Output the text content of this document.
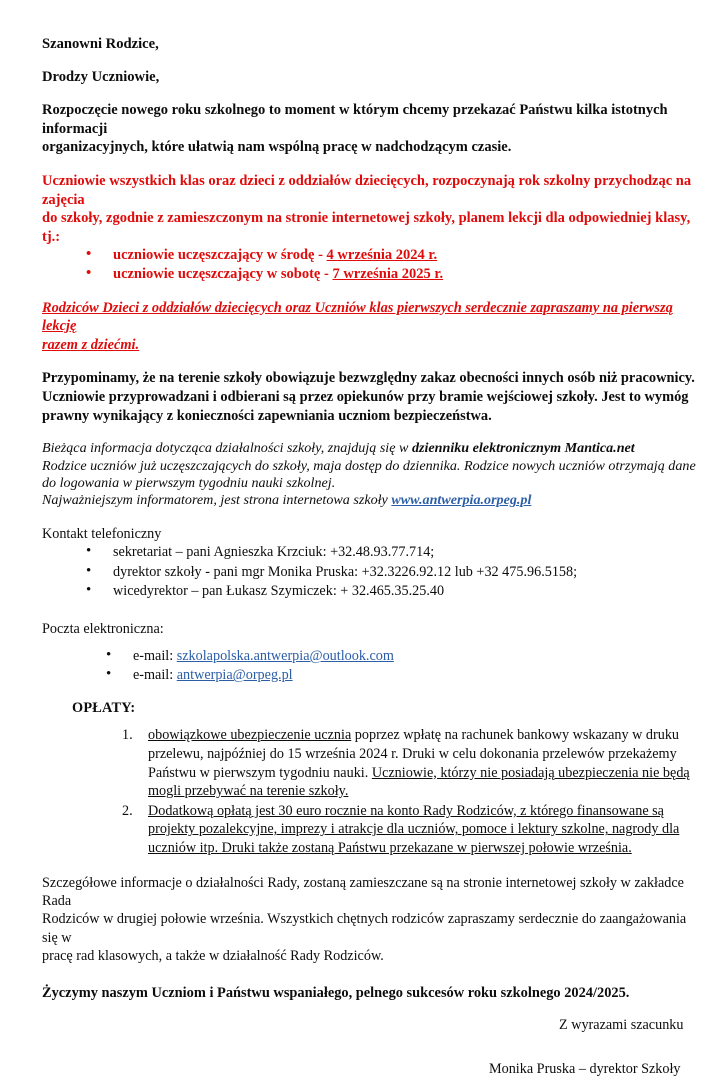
Szanowni Rodzice,

Drodzy Uczniowie,

Rozpoczęcie nowego roku szkolnego to moment w którym chcemy przekazać Państwu kilka istotnych informacji
organizacyjnych, które ułatwią nam wspólną pracę w nadchodzącym czasie.
Uczniowie wszystkich klas oraz dzieci z oddziałów dziecięcych, rozpoczynają rok szkolny przychodząc na zajęcia
do szkoły, zgodnie z zamieszczonym na stronie internetowej szkoły, planem lekcji dla odpowiedniej klasy, tj.:
• uczniowie uczęszczający w środę - 4 września 2024 r.
• uczniowie uczęszczający w sobotę - 7 września 2025 r.
Rodziców Dzieci z oddziałów dziecięcych oraz Uczniów klas pierwszych serdecznie zapraszamy na pierwszą lekcję
razem z dziećmi.
Przypominamy, że na terenie szkoły obowiązuje bezwzględny zakaz obecności innych osób niż pracownicy.
Uczniowie przyprowadzani i odbierani są przez opiekunów przy bramie wejściowej szkoły. Jest to wymóg
prawny wynikający z konieczności zapewniania uczniom bezpieczeństwa.
Bieżąca informacja dotycząca działalności szkoły, znajdują się w dzienniku elektronicznym Mantica.net
Rodzice uczniów już uczęszczających do szkoły, maja dostęp do dziennika. Rodzice nowych uczniów otrzymają dane
do logowania w pierwszym tygodniu nauki szkolnej.
Najważniejszym informatorem, jest strona internetowa szkoły www.antwerpia.orpeg.pl

Kontakt telefoniczny

• sekretariat – pani Agnieszka Krzciuk: +32.48.93.77.714;
• dyrektor szkoły - pani mgr Monika Pruska: +32.3226.92.12 lub +32 475.96.5158;
• wicedyrektor – pan Łukasz Szymiczek: + 32.465.35.25.40

Poczta elektroniczna:

• e-mail: szkolapolska.antwerpia@outlook.com
• e-mail: antwerpia@orpeg.pl

OPŁATY:

obowiązkowe ubezpieczenie ucznia poprzez wpłatę na rachunek bankowy wskazany w druku przelewu, najpóźniej do 15 września 2024 r. Druki w celu dokonania przelewów przekażemy Państwu w pierwszym tygodniu nauki. Uczniowie, którzy nie posiadają ubezpieczenia nie będą mogli przebywać na terenie szkoły.
Dodatkową opłatą jest 30 euro rocznie na konto Rady Rodziców, z którego finansowane są projekty pozalekcyjne, imprezy i atrakcje dla uczniów, pomoce i lektury szkolne, nagrody dla uczniów itp. Druki także zostaną Państwu przekazane w pierwszej połowie września.
Szczegółowe informacje o działalności Rady, zostaną zamieszczane są na stronie internetowej szkoły w zakładce Rada
Rodziców w drugiej połowie września. Wszystkich chętnych rodziców zapraszamy serdecznie do zaangażowania się w
pracę rad klasowych, a także w działalność Rady Rodziców.

Życzymy naszym Uczniom i Państwu wspaniałego, pelnego sukcesów roku szkolnego 2024/2025.

Z wyrazami szacunku

Monika Pruska – dyrektor Szkoły
